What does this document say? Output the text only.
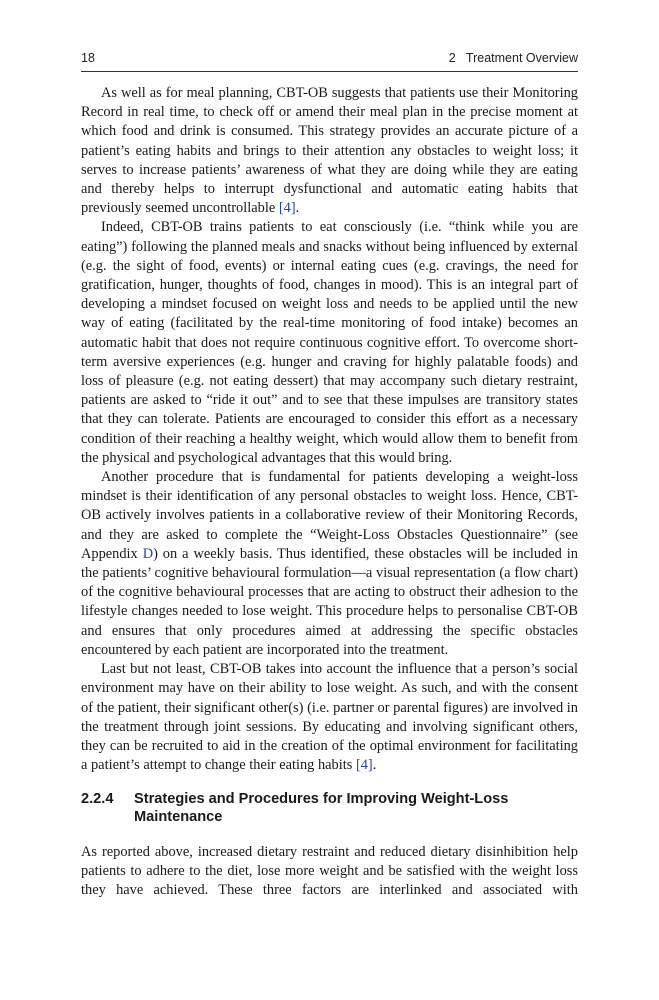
18	2   Treatment Overview

As well as for meal planning, CBT-OB suggests that patients use their Monitoring Record in real time, to check off or amend their meal plan in the precise moment at which food and drink is consumed. This strategy provides an accurate picture of a patient’s eating habits and brings to their attention any obstacles to weight loss; it serves to increase patients’ awareness of what they are doing while they are eating and thereby helps to interrupt dysfunctional and automatic eating habits that previously seemed uncontrollable [4].

Indeed, CBT-OB trains patients to eat consciously (i.e. “think while you are eating”) following the planned meals and snacks without being influenced by external (e.g. the sight of food, events) or internal eating cues (e.g. cravings, the need for gratification, hunger, thoughts of food, changes in mood). This is an integral part of developing a mindset focused on weight loss and needs to be applied until the new way of eating (facilitated by the real-time monitoring of food intake) becomes an automatic habit that does not require continuous cognitive effort. To overcome short-term aversive experiences (e.g. hunger and craving for highly palatable foods) and loss of pleasure (e.g. not eating dessert) that may accompany such dietary restraint, patients are asked to “ride it out” and to see that these impulses are transitory states that they can tolerate. Patients are encouraged to consider this effort as a necessary condition of their reaching a healthy weight, which would allow them to benefit from the physical and psychological advantages that this would bring.

Another procedure that is fundamental for patients developing a weight-loss mindset is their identification of any personal obstacles to weight loss. Hence, CBT-OB actively involves patients in a collaborative review of their Monitoring Records, and they are asked to complete the “Weight-Loss Obstacles Questionnaire” (see Appendix D) on a weekly basis. Thus identified, these obstacles will be included in the patients’ cognitive behavioural formulation—a visual representation (a flow chart) of the cognitive behavioural processes that are acting to obstruct their adhesion to the lifestyle changes needed to lose weight. This procedure helps to personalise CBT-OB and ensures that only procedures aimed at addressing the specific obstacles encountered by each patient are incorporated into the treatment.

Last but not least, CBT-OB takes into account the influence that a person’s social environment may have on their ability to lose weight. As such, and with the consent of the patient, their significant other(s) (i.e. partner or parental figures) are involved in the treatment through joint sessions. By educating and involving significant others, they can be recruited to aid in the creation of the optimal environment for facilitating a patient’s attempt to change their eating habits [4].

2.2.4 Strategies and Procedures for Improving Weight-Loss Maintenance

As reported above, increased dietary restraint and reduced dietary disinhibition help patients to adhere to the diet, lose more weight and be satisfied with the weight loss they have achieved. These three factors are interlinked and associated with
